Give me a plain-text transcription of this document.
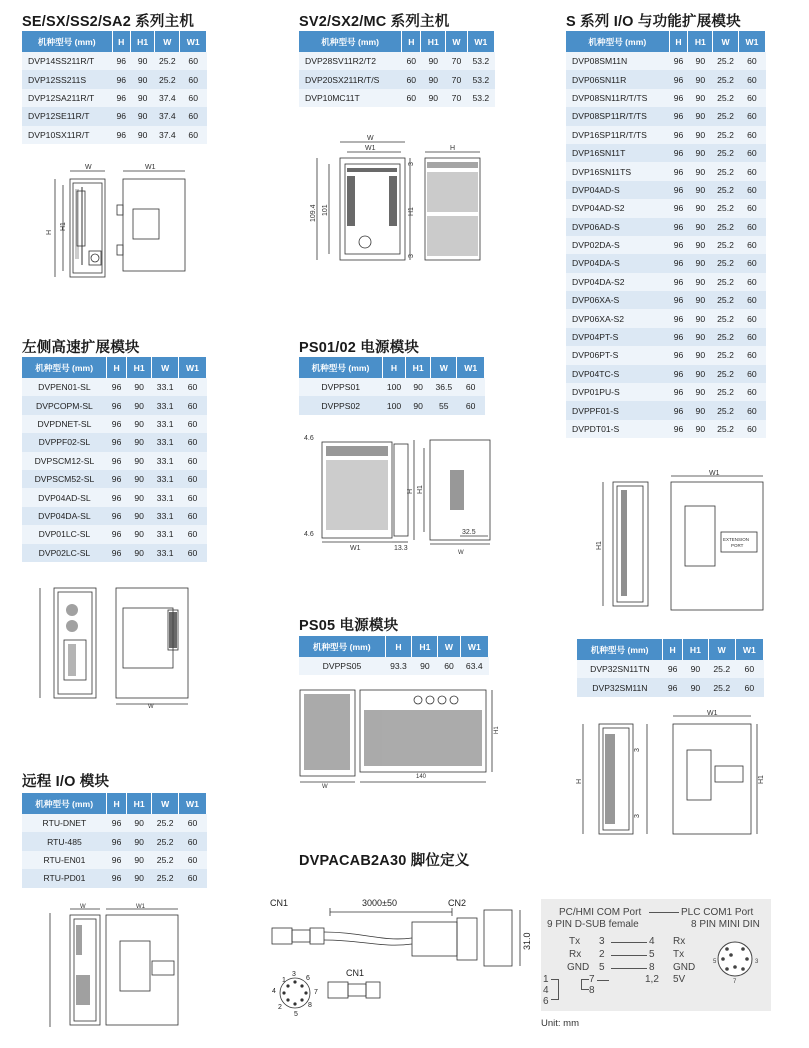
SE/SX/SS2/SA2 系列主机	SV2/SX2/MC 系列主机	S 系列 I/O 与功能扩展模块
左侧高速扩展模块	PS01/02 电源模块
PS05 电源模块
远程 I/O 模块
DVPACAB2A30 脚位定义
机种型号 (mm)	H	H1	W	W1
DVP14SS211R/T	96	90	25.2	60
DVP12SS211S	96	90	25.2	60
DVP12SA211R/T	96	90	37.4	60
DVP12SE11R/T	96	90	37.4	60
DVP10SX11R/T	96	90	37.4	60
机种型号 (mm)	H	H1	W	W1
DVP28SV11R2/T2	60	90	70	53.2
DVP20SX211R/T/S	60	90	70	53.2
DVP10MC11T	60	90	70	53.2
机种型号 (mm)	H	H1	W	W1
DVP08SM11N	96	90	25.2	60
DVP06SN11R	96	90	25.2	60
DVP08SN11R/T/TS	96	90	25.2	60
DVP08SP11R/T/TS	96	90	25.2	60
DVP16SP11R/T/TS	96	90	25.2	60
DVP16SN11T	96	90	25.2	60
DVP16SN11TS	96	90	25.2	60
DVP04AD-S	96	90	25.2	60
DVP04AD-S2	96	90	25.2	60
DVP06AD-S	96	90	25.2	60
DVP02DA-S	96	90	25.2	60
DVP04DA-S	96	90	25.2	60
DVP04DA-S2	96	90	25.2	60
DVP06XA-S	96	90	25.2	60
DVP06XA-S2	96	90	25.2	60
DVP04PT-S	96	90	25.2	60
DVP06PT-S	96	90	25.2	60
DVP04TC-S	96	90	25.2	60
DVP01PU-S	96	90	25.2	60
DVPPF01-S	96	90	25.2	60
DVPDT01-S	96	90	25.2	60
机种型号 (mm)	H	H1	W	W1
DVPEN01-SL	96	90	33.1	60
DVPCOPM-SL	96	90	33.1	60
DVPDNET-SL	96	90	33.1	60
DVPPF02-SL	96	90	33.1	60
DVPSCM12-SL	96	90	33.1	60
DVPSCM52-SL	96	90	33.1	60
DVP04AD-SL	96	90	33.1	60
DVP04DA-SL	96	90	33.1	60
DVP01LC-SL	96	90	33.1	60
DVP02LC-SL	96	90	33.1	60
机种型号 (mm)	H	H1	W	W1
DVPPS01	100	90	36.5	60
DVPPS02	100	90	55	60
机种型号 (mm)	H	H1	W	W1
DVPPS05	93.3	90	60	63.4
机种型号 (mm)	H	H1	W	W1
DVP32SN11TN	96	90	25.2	60
DVP32SM11N	96	90	25.2	60
机种型号 (mm)	H	H1	W	W1
RTU-DNET	96	90	25.2	60
RTU-485	96	90	25.2	60
RTU-EN01	96	90	25.2	60
RTU-PD01	96	90	25.2	60
W	W1
H
H1
W
W1	H
109.4 101
3
H1
3
W
W	W1
4.6
4.6
W1	13.3
32.5
W
H H1
W
140
H1
W1
H1
EXTENSION
PORT
W1
H
3
3
H1
CN1	CN2
3000±50
31.0
CN1
4
1
3
6
7
8
5
2
PC/HMI COM Port
9 PIN D-SUB female
PLC COM1 Port
8 PIN MINI DIN
Tx 3	4 Rx
Rx 2	5 Tx
GND 5	8 GND
1,2 5V
1
4
6
7
8
5	3
7
Unit: mm
